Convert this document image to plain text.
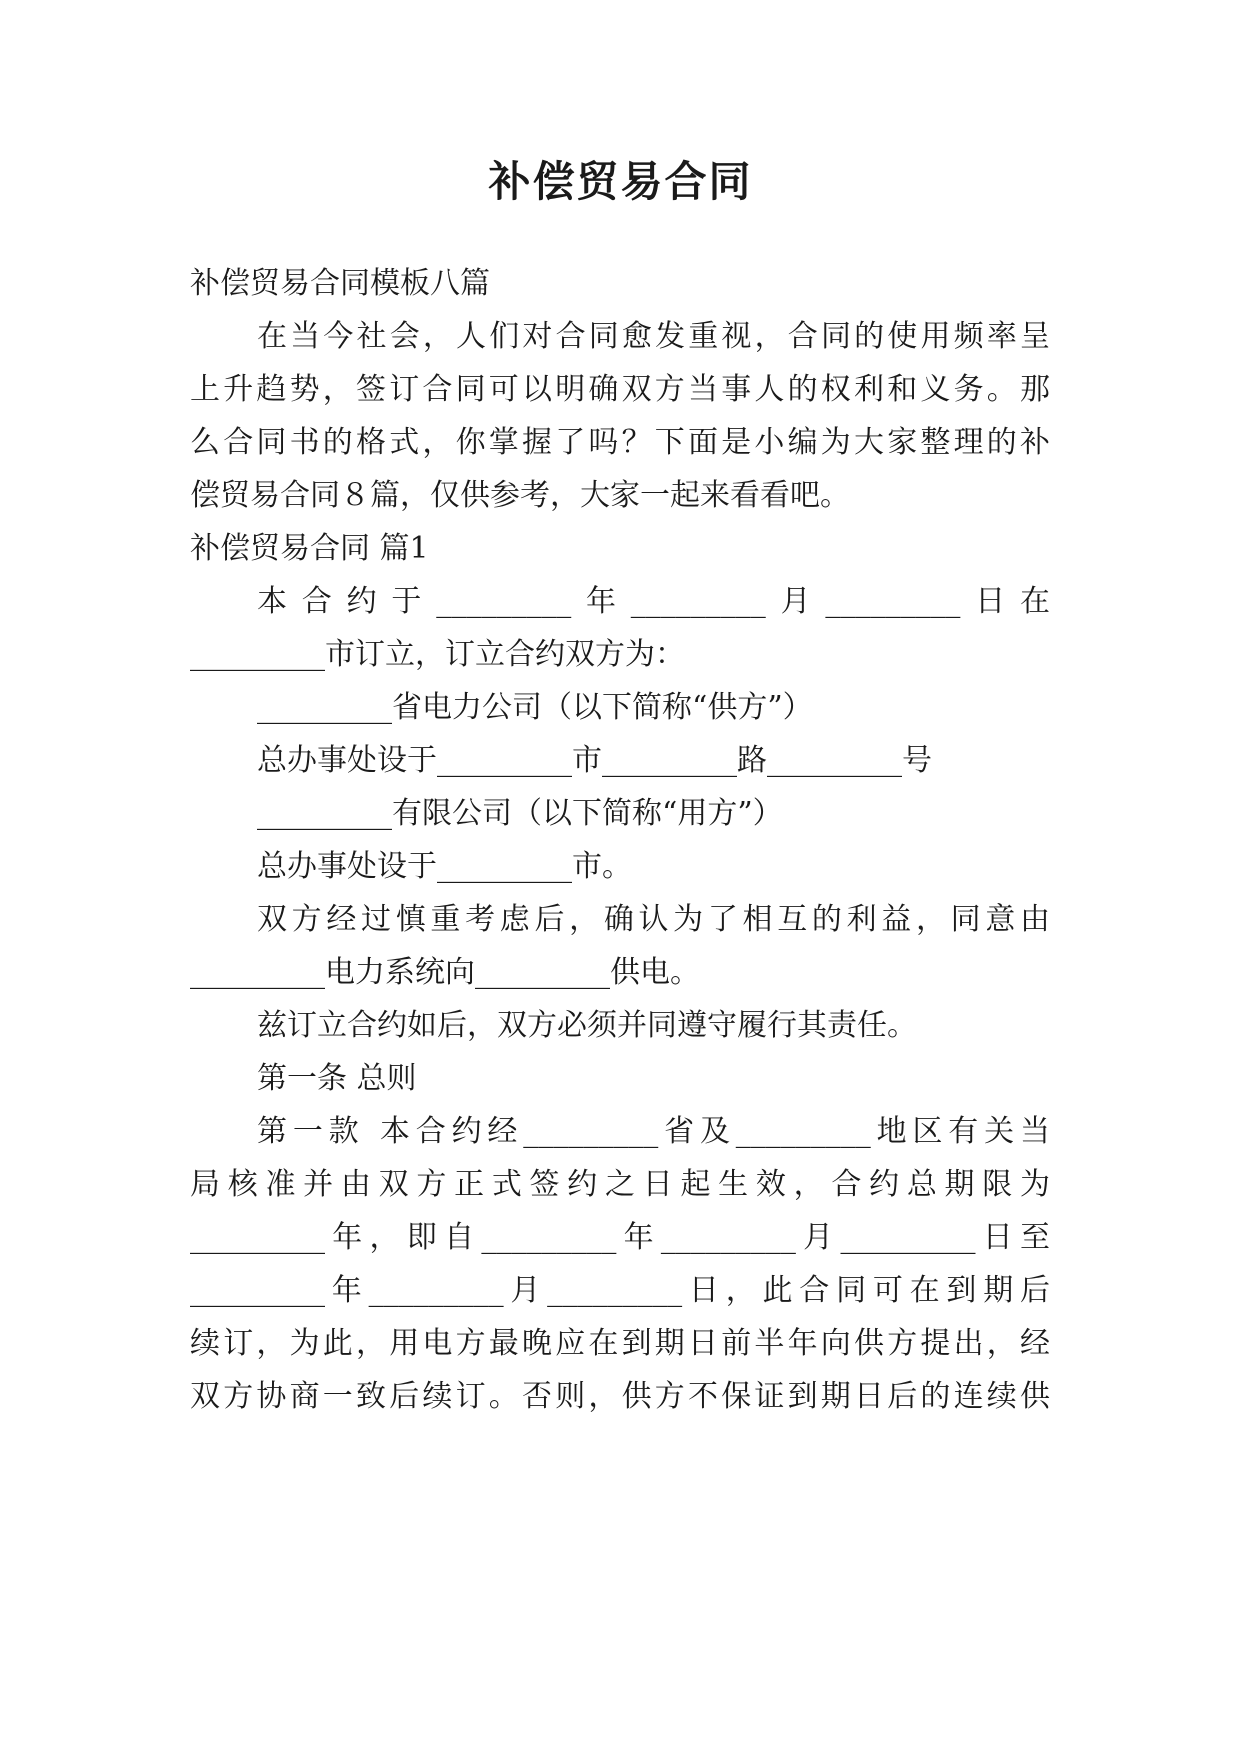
补偿贸易合同
补偿贸易合同模板八篇
在当今社会，人们对合同愈发重视，合同的使用频率呈
上升趋势，签订合同可以明确双方当事人的权利和义务。那
么合同书的格式，你掌握了吗？下面是小编为大家整理的补
偿贸易合同８篇，仅供参考，大家一起来看看吧。
补偿贸易合同 篇1
本合约于_________年_________月_________日在
_________市订立，订立合约双方为：
_________省电力公司（以下简称“供方”）
总办事处设于_________市_________路_________号
_________有限公司（以下简称“用方”）
总办事处设于_________市。
双方经过慎重考虑后，确认为了相互的利益，同意由
_________电力系统向_________供电。
兹订立合约如后，双方必须并同遵守履行其责任。
第一条 总则
第一款 本合约经_________省及_________地区有关当
局核准并由双方正式签约之日起生效，合约总期限为
_________年，即自_________年_________月_________日至
_________年_________月_________日，此合同可在到期后
续订，为此，用电方最晚应在到期日前半年向供方提出，经
双方协商一致后续订。否则，供方不保证到期日后的连续供
